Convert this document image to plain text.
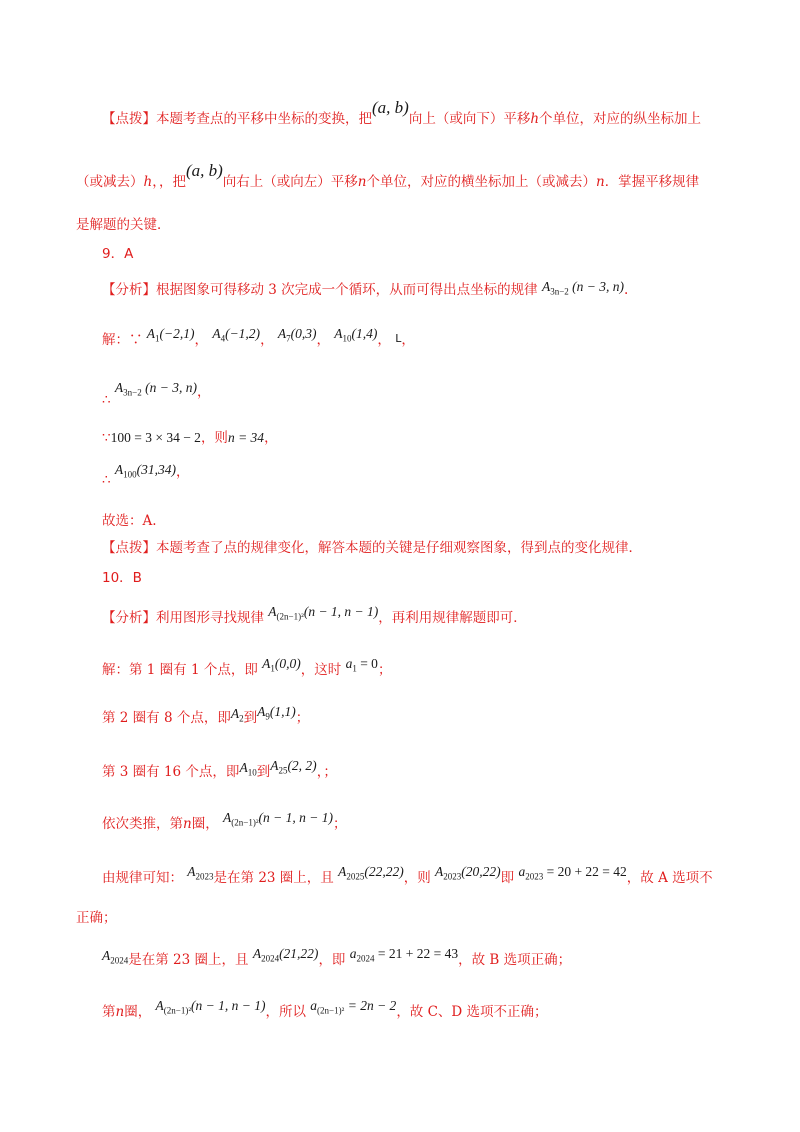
【点拨】本题考查点的平移中坐标的变换，把(a, b)向上（或向下）平移h个单位，对应的纵坐标加上
（或减去）h，，把(a, b)向右上（或向左）平移n个单位，对应的横坐标加上（或减去）n．掌握平移规律
是解题的关键．
9．A
【分析】根据图象可得移动 3 次完成一个循环，从而可得出点坐标的规律 $A_{3n-2}$ (n − 3, n).
解：∵ $A_1(-2,1)$， $A_4(-1,2)$， $A_7(0,3)$， $A_{10}(1,4)$， L，
∴ $A_{3n-2}$ (n − 3, n)，
∵100 = 3 × 34 − 2，则n = 34，
∴ $A_{100}(31,34)$，
故选：A.
【点拨】本题考查了点的规律变化，解答本题的关键是仔细观察图象，得到点的变化规律．
10．B
【分析】利用图形寻找规律 $A_{(2n-1)^2}(n - 1$, n − 1)，再利用规律解题即可．
解：第 1 圈有 1 个点，即 $A_1(0,0)$，这时 $a_1 = 0$；
第 2 圈有 8 个点，即$A_2$到$A_9(1,1)$；
第 3 圈有 16 个点，即$A_{10}$到$A_{25}(2$, 2)，；
依次类推，第n圈， $A_{(2n-1)^2}(n - 1$, n − 1)；
由规律可知： $A_{2023}$是在第 23 圈上，且 $A_{2025}(22,22)$，则 $A_{2023}(20,22)$即 $a_{2023} = 20 + 22 = 42$，故 A 选项不
正确；
$A_{2024}$是在第 23 圈上，且 $A_{2024}(21,22)$，即 $a_{2024} = 21 + 22 = 43$，故 B 选项正确；
第n圈， $A_{(2n-1)^2}(n - 1$, n − 1)，所以 $a_{(2n-1)^2} = 2n - 2$，故 C、D 选项不正确；
